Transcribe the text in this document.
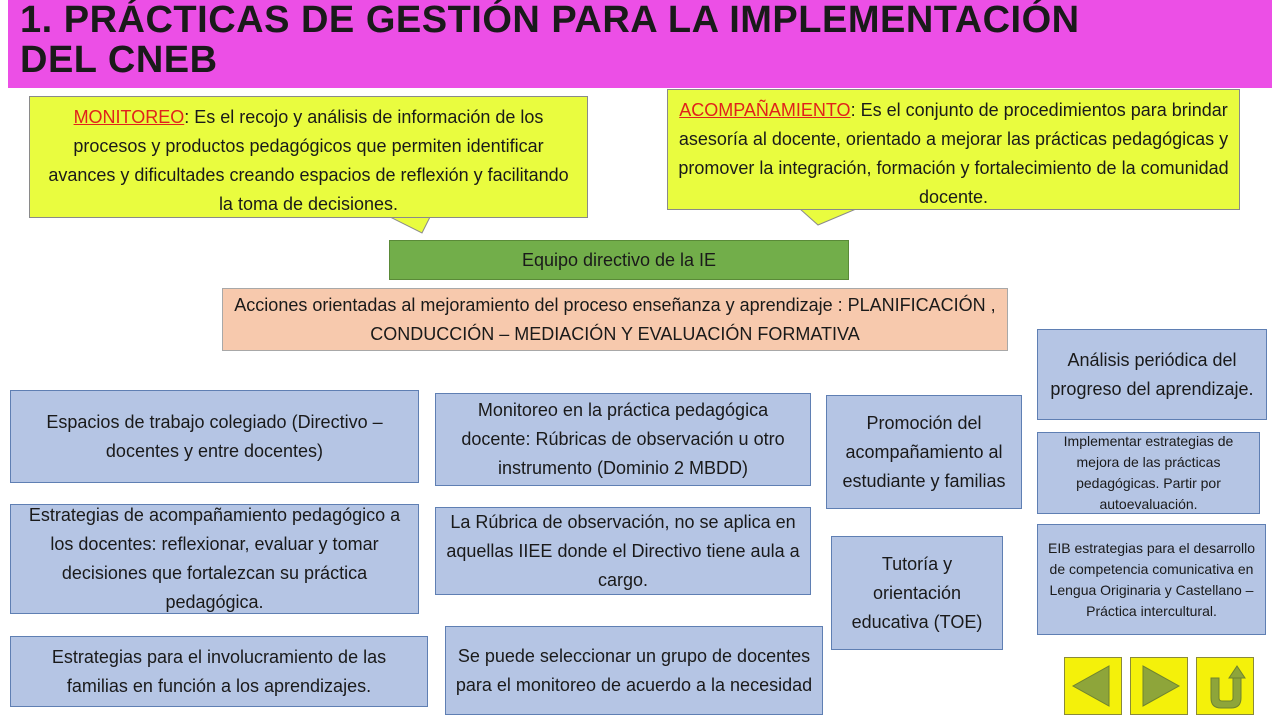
1. PRÁCTICAS DE GESTIÓN PARA LA IMPLEMENTACIÓN
DEL CNEB
MONITOREO: Es el recojo y análisis de información de los procesos y productos pedagógicos que permiten identificar avances y dificultades creando espacios de reflexión y facilitando la toma de decisiones.
ACOMPAÑAMIENTO: Es el conjunto de procedimientos para brindar asesoría al docente, orientado a mejorar las prácticas pedagógicas y promover la integración, formación y fortalecimiento de la comunidad docente.
Equipo directivo de la IE
Acciones orientadas al mejoramiento del proceso enseñanza y aprendizaje : PLANIFICACIÓN , CONDUCCIÓN – MEDIACIÓN Y EVALUACIÓN FORMATIVA
Espacios de trabajo colegiado (Directivo – docentes y entre docentes)
Estrategias de acompañamiento pedagógico a los docentes: reflexionar, evaluar y tomar decisiones que fortalezcan su práctica pedagógica.
Estrategias para el involucramiento de las familias en función a los aprendizajes.
Monitoreo en la práctica pedagógica docente: Rúbricas de observación u otro instrumento (Dominio 2 MBDD)
La Rúbrica de observación, no se aplica en aquellas IIEE donde el Directivo tiene aula a cargo.
Se puede seleccionar un grupo de docentes para el monitoreo de acuerdo a la necesidad
Promoción del acompañamiento al estudiante y familias
Tutoría y orientación educativa (TOE)
Análisis periódica del progreso del aprendizaje.
Implementar estrategias de mejora de las prácticas pedagógicas. Partir por autoevaluación.
EIB estrategias para el desarrollo de competencia comunicativa en Lengua Originaria y Castellano – Práctica intercultural.
